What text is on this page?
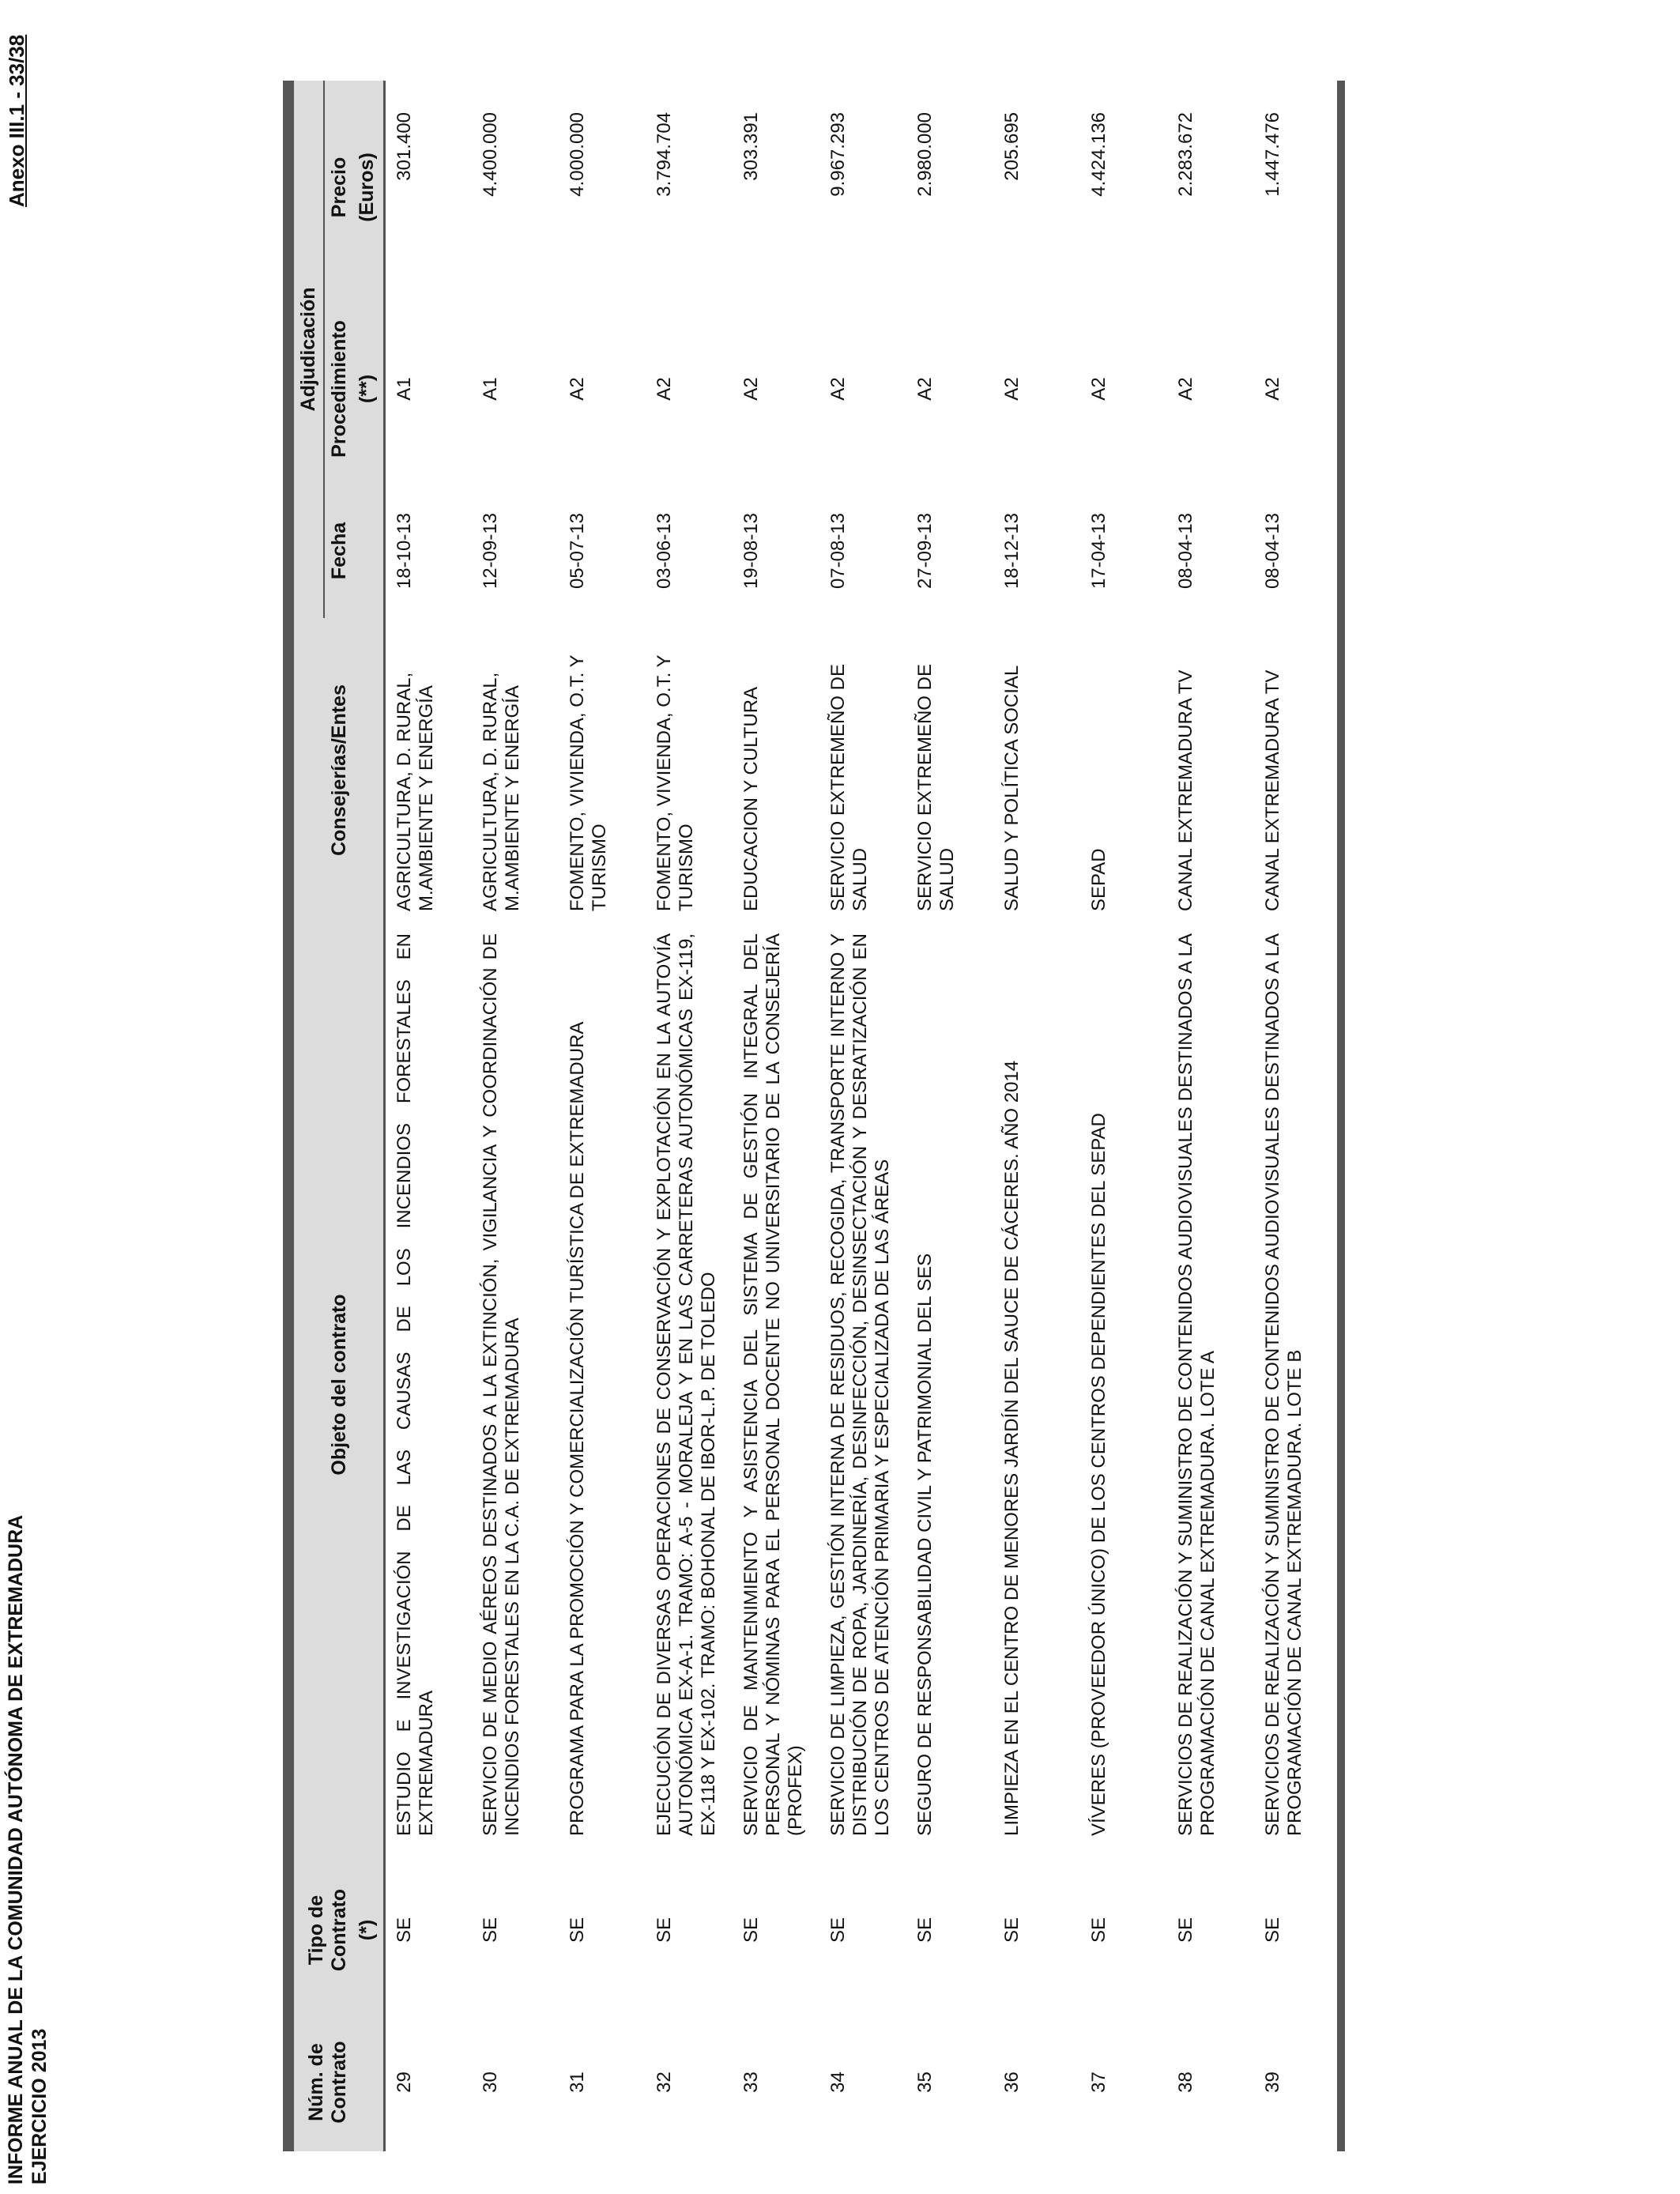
INFORME ANUAL DE LA COMUNIDAD AUTÓNOMA DE EXTREMADURA EJERCICIO 2013
Anexo III.1 - 33/38
Núm. de Contrato	Tipo de Contrato	Objeto del contrato	Consejerías/Entes	Adjudicación		
				Fecha	Procedimiento	Precio
	(*)				(**)	(Euros)
29	SE	ESTUDIO E INVESTIGACIÓN DE LAS CAUSAS DE LOS INCENDIOS FORESTALES EN EXTREMADURA	AGRICULTURA, D. RURAL, M.AMBIENTE Y ENERGÍA	18-10-13	A1	301.400
30	SE	SERVICIO DE MEDIO AÉREOS DESTINADOS A LA EXTINCIÓN, VIGILANCIA Y COORDINACIÓN DE INCENDIOS FORESTALES EN LA C.A. DE EXTREMADURA	AGRICULTURA, D. RURAL, M.AMBIENTE Y ENERGÍA	12-09-13	A1	4.400.000
31	SE	PROGRAMA PARA LA PROMOCIÓN Y COMERCIALIZACIÓN TURÍSTICA DE EXTREMADURA	FOMENTO, VIVIENDA, O.T. Y TURISMO	05-07-13	A2	4.000.000
32	SE	EJECUCIÓN DE DIVERSAS OPERACIONES DE CONSERVACIÓN Y EXPLOTACIÓN EN LA AUTOVÍA AUTONÓMICA EX-A-1. TRAMO: A-5 - MORALEJA Y EN LAS CARRETERAS AUTONÓMICAS EX-119, EX-118 Y EX-102. TRAMO: BOHONAL DE IBOR-L.P. DE TOLEDO	FOMENTO, VIVIENDA, O.T. Y TURISMO	03-06-13	A2	3.794.704
33	SE	SERVICIO DE MANTENIMIENTO Y ASISTENCIA DEL SISTEMA DE GESTIÓN INTEGRAL DEL PERSONAL Y NÓMINAS PARA EL PERSONAL DOCENTE NO UNIVERSITARIO DE LA CONSEJERÍA (PROFEX)	EDUCACION Y CULTURA	19-08-13	A2	303.391
34	SE	SERVICIO DE LIMPIEZA, GESTIÓN INTERNA DE RESIDUOS, RECOGIDA, TRANSPORTE INTERNO Y DISTRIBUCIÓN DE ROPA, JARDINERÍA, DESINFECCIÓN, DESINSECTACIÓN Y DESRATIZACIÓN EN LOS CENTROS DE ATENCIÓN PRIMARIA Y ESPECIALIZADA DE LAS ÁREAS	SERVICIO EXTREMEÑO DE SALUD	07-08-13	A2	9.967.293
35	SE	SEGURO DE RESPONSABILIDAD CIVIL Y PATRIMONIAL DEL SES	SERVICIO EXTREMEÑO DE SALUD	27-09-13	A2	2.980.000
36	SE	LIMPIEZA EN EL CENTRO DE MENORES JARDÍN DEL SAUCE DE CÁCERES. AÑO 2014	SALUD Y POLÍTICA SOCIAL	18-12-13	A2	205.695
37	SE	VÍVERES (PROVEEDOR ÚNICO) DE LOS CENTROS DEPENDIENTES DEL SEPAD	SEPAD	17-04-13	A2	4.424.136
38	SE	SERVICIOS DE REALIZACIÓN Y SUMINISTRO DE CONTENIDOS AUDIOVISUALES DESTINADOS A LA PROGRAMACIÓN DE CANAL EXTREMADURA. LOTE A	CANAL EXTREMADURA TV	08-04-13	A2	2.283.672
39	SE	SERVICIOS DE REALIZACIÓN Y SUMINISTRO DE CONTENIDOS AUDIOVISUALES DESTINADOS A LA PROGRAMACIÓN DE CANAL EXTREMADURA. LOTE B	CANAL EXTREMADURA TV	08-04-13	A2	1.447.476
